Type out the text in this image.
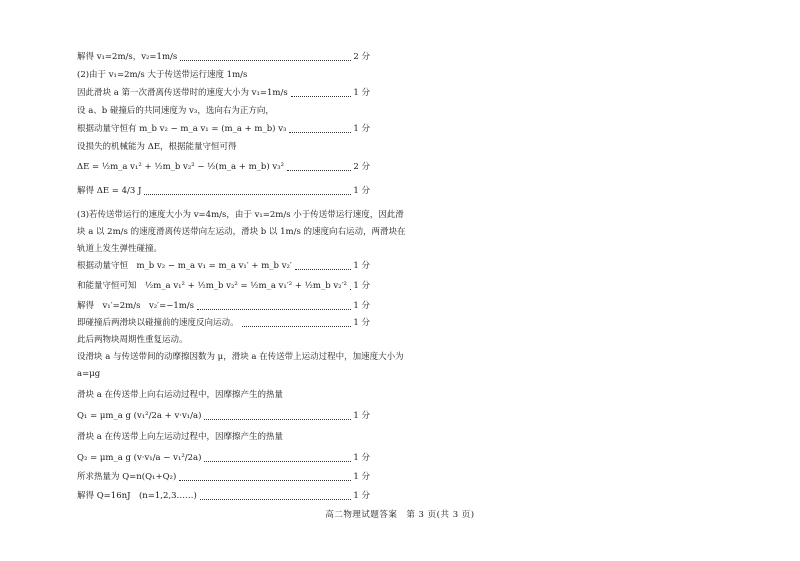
解得 v₁=2m/s，v₂=1m/s	2 分
(2)由于 v₁=2m/s 大于传送带运行速度 1m/s
因此滑块 a 第一次滑离传送带时的速度大小为 v₁=1m/s	1 分
设 a、b 碰撞后的共同速度为 v₃，选向右为正方向，
根据动量守恒有 m_b v₂ − m_a v₁ = (m_a + m_b) v₃	1 分
设损失的机械能为 ΔE，根据能量守恒可得
ΔE = ½m_a v₁² + ½m_b v₂² − ½(m_a + m_b) v₃²	2 分
解得 ΔE = 4/3 J	1 分
(3)若传送带运行的速度大小为 v=4m/s，由于 v₁=2m/s 小于传送带运行速度，因此滑
块 a 以 2m/s 的速度滑离传送带向左运动，滑块 b 以 1m/s 的速度向右运动，两滑块在
轨道上发生弹性碰撞。
根据动量守恒　m_b v₂ − m_a v₁ = m_a v₁′ + m_b v₂′	1 分
和能量守恒可知　½m_a v₁² + ½m_b v₂² = ½m_a v₁′² + ½m_b v₂′² 1 分
解得　v₁′=2m/s　v₂′=−1m/s	1 分
即碰撞后两滑块以碰撞前的速度反向运动。	1 分
此后两物块周期性重复运动。
设滑块 a 与传送带间的动摩擦因数为 μ，滑块 a 在传送带上运动过程中，加速度大小为
a=μg
滑块 a 在传送带上向右运动过程中，因摩擦产生的热量
Q₁ = μm_a g (v₁²/2a + v·v₁/a)	1 分
滑块 a 在传送带上向左运动过程中，因摩擦产生的热量
Q₂ = μm_a g (v·v₁/a − v₁²/2a)	1 分
所求热量为 Q=n(Q₁+Q₂)	1 分
解得 Q=16nJ　(n=1,2,3……)	1 分
高二物理试题答案　第 3 页(共 3 页)
